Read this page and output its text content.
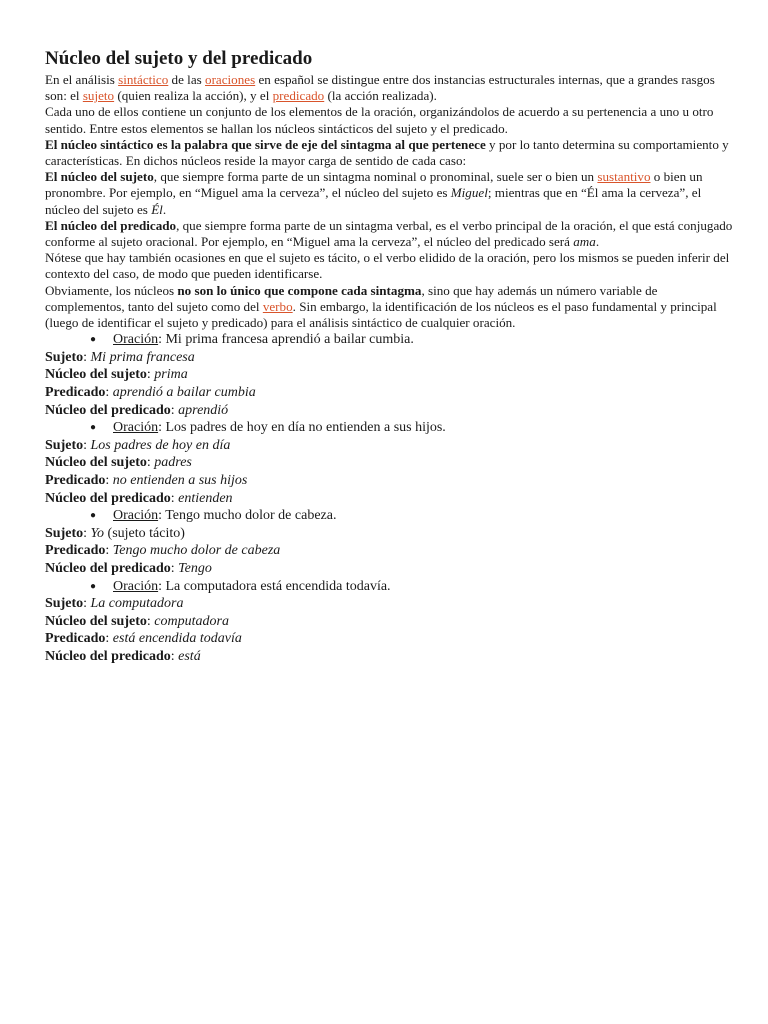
Núcleo del sujeto y del predicado

En el análisis sintáctico de las oraciones en español se distingue entre dos instancias estructurales internas, que a grandes rasgos son: el sujeto (quien realiza la acción), y el predicado (la acción realizada).

Cada uno de ellos contiene un conjunto de los elementos de la oración, organizándolos de acuerdo a su pertenencia a uno u otro sentido. Entre estos elementos se hallan los núcleos sintácticos del sujeto y el predicado.

El núcleo sintáctico es la palabra que sirve de eje del sintagma al que pertenece y por lo tanto determina su comportamiento y características. En dichos núcleos reside la mayor carga de sentido de cada caso:

El núcleo del sujeto, que siempre forma parte de un sintagma nominal o pronominal, suele ser o bien un sustantivo o bien un pronombre. Por ejemplo, en “Miguel ama la cerveza”, el núcleo del sujeto es Miguel; mientras que en “Él ama la cerveza”, el núcleo del sujeto es Él.

El núcleo del predicado, que siempre forma parte de un sintagma verbal, es el verbo principal de la oración, el que está conjugado conforme al sujeto oracional. Por ejemplo, en “Miguel ama la cerveza”, el núcleo del predicado será ama.

Nótese que hay también ocasiones en que el sujeto es tácito, o el verbo elidido de la oración, pero los mismos se pueden inferir del contexto del caso, de modo que pueden identificarse.

Obviamente, los núcleos no son lo único que compone cada sintagma, sino que hay además un número variable de complementos, tanto del sujeto como del verbo. Sin embargo, la identificación de los núcleos es el paso fundamental y principal (luego de identificar el sujeto y predicado) para el análisis sintáctico de cualquier oración.

● Oración: Mi prima francesa aprendió a bailar cumbia.

Sujeto: Mi prima francesa

Núcleo del sujeto: prima

Predicado: aprendió a bailar cumbia

Núcleo del predicado: aprendió

● Oración: Los padres de hoy en día no entienden a sus hijos.

Sujeto: Los padres de hoy en día

Núcleo del sujeto: padres

Predicado: no entienden a sus hijos

Núcleo del predicado: entienden

● Oración: Tengo mucho dolor de cabeza.

Sujeto: Yo (sujeto tácito)

Predicado: Tengo mucho dolor de cabeza

Núcleo del predicado: Tengo

● Oración: La computadora está encendida todavía.

Sujeto: La computadora

Núcleo del sujeto: computadora

Predicado: está encendida todavía

Núcleo del predicado: está
